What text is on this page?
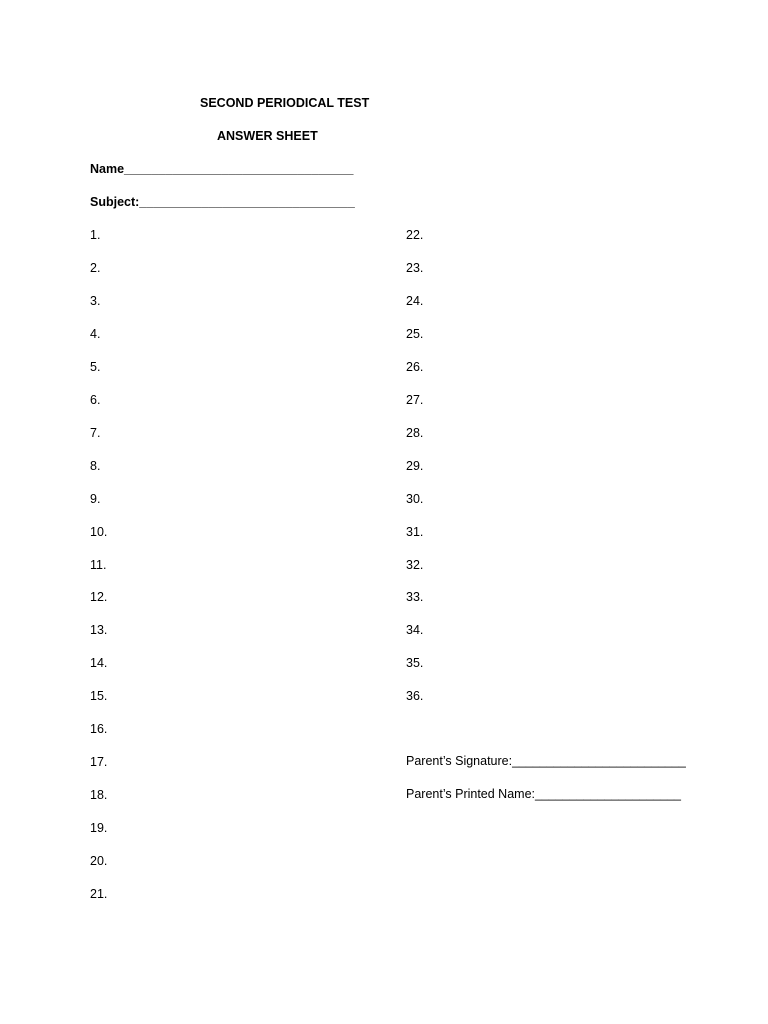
SECOND PERIODICAL TEST
ANSWER SHEET
Name_________________________________
Subject:_______________________________
1.
2.
3.
4.
5.
6.
7.
8.
9.
10.
11.
12.
13.
14.
15.
16.
17.
18.
19.
20.
21.
22.
23.
24.
25.
26.
27.
28.
29.
30.
31.
32.
33.
34.
35.
36.
Parent’s Signature:_________________________
Parent’s Printed Name:_____________________
